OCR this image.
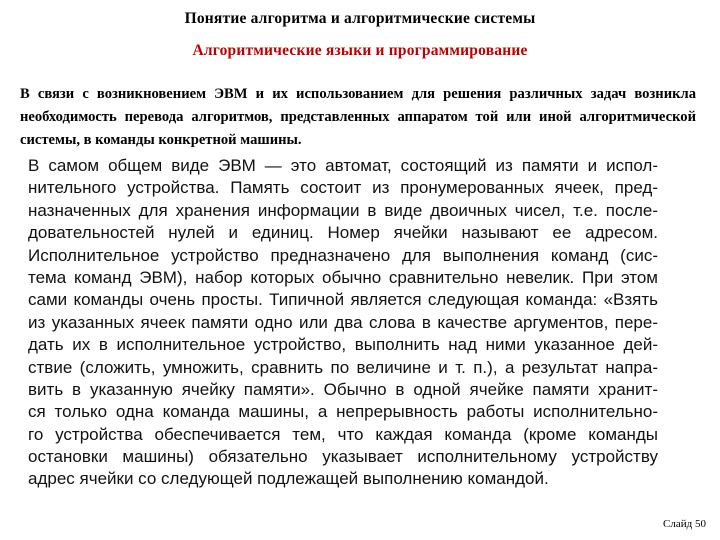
Понятие алгоритма и алгоритмические системы
Алгоритмические языки и программирование

В связи с возникновением ЭВМ и их использованием для решения различных задач возникла необходимость перевода алгоритмов, представленных аппаратом той или иной алгоритмической системы, в команды конкретной машины.

В самом общем виде ЭВМ — это автомат, состоящий из памяти и испол-
нительного устройства. Память состоит из пронумерованных ячеек, пред-
назначенных для хранения информации в виде двоичных чисел, т.е. после-
довательностей нулей и единиц. Номер ячейки называют ее адресом.
Исполнительное устройство предназначено для выполнения команд (сис-
тема команд ЭВМ), набор которых обычно сравнительно невелик. При этом
сами команды очень просты. Типичной является следующая команда: «Взять
из указанных ячеек памяти одно или два слова в качестве аргументов, пере-
дать их в исполнительное устройство, выполнить над ними указанное дей-
ствие (сложить, умножить, сравнить по величине и т. п.), а результат напра-
вить в указанную ячейку памяти». Обычно в одной ячейке памяти хранит-
ся только одна команда машины, а непрерывность работы исполнительно-
го устройства обеспечивается тем, что каждая команда (кроме команды
остановки машины) обязательно указывает исполнительному устройству
адрес ячейки со следующей подлежащей выполнению командой.
Слайд 50
